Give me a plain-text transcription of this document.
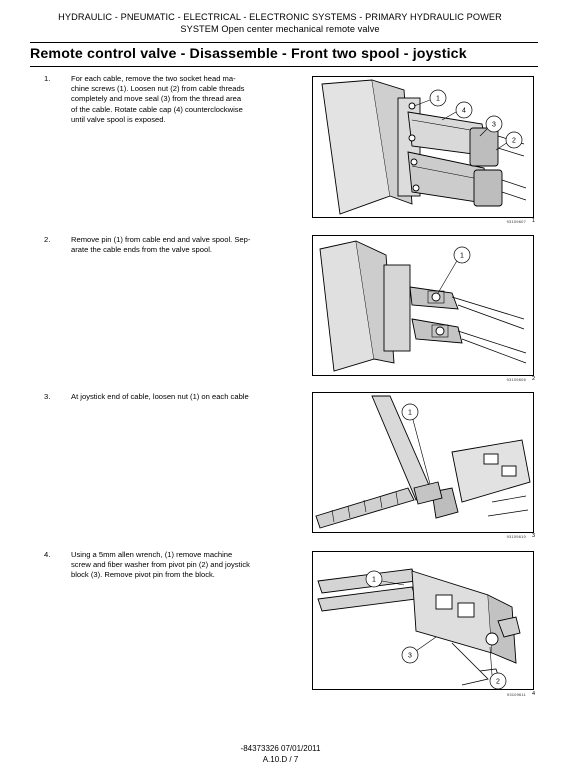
HYDRAULIC - PNEUMATIC - ELECTRICAL - ELECTRONIC SYSTEMS - PRIMARY HYDRAULIC POWER
SYSTEM Open center mechanical remote valve
Remote control valve - Disassemble - Front two spool - joystick
1.	For each cable, remove the two socket head ma-
chine screws (1). Loosen nut (2) from cable threads
completely and move seal (3) from the thread area
of the cable. Rotate cable cap (4) counterclockwise
until valve spool is exposed.
1
4
3
2
93109607 1
2.	Remove pin (1) from cable end and valve spool. Sep-
arate the cable ends from the valve spool.
1
93109606 2
3.	At joystick end of cable, loosen nut (1) on each cable
1
93109610 3
4.	Using a 5mm allen wrench, (1) remove machine
screw and fiber washer from pivot pin (2) and joystick
block (3). Remove pivot pin from the block.
1
3
2
93109611 4
-84373326 07/01/2011
A.10.D / 7
